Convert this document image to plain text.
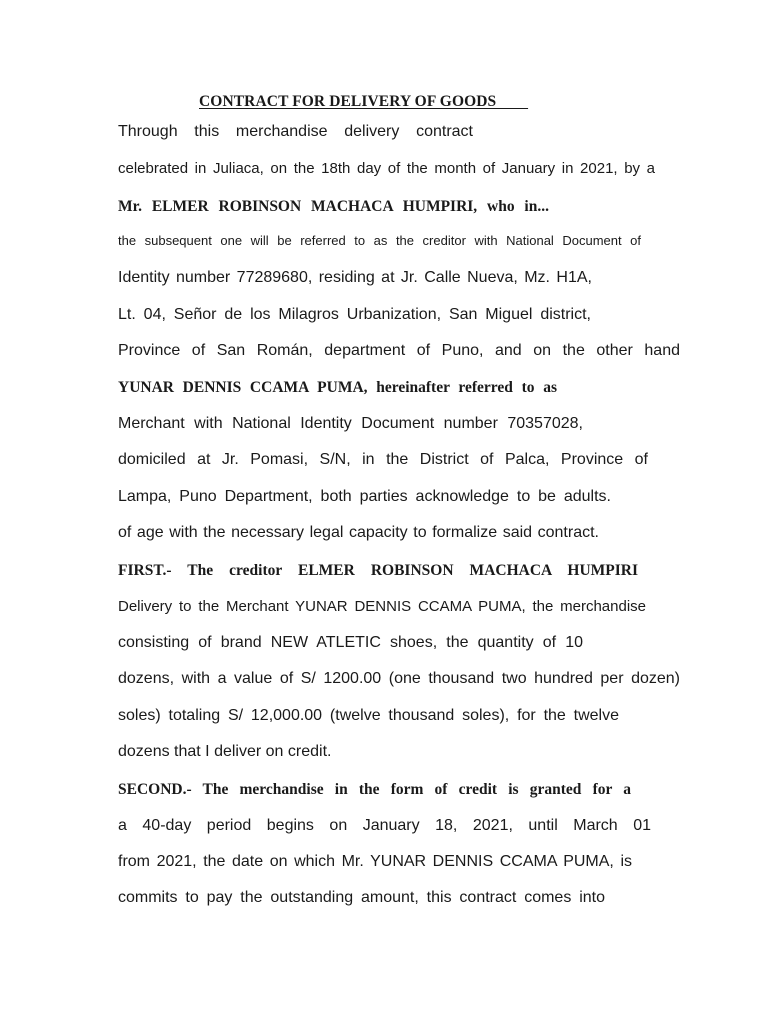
CONTRACT FOR DELIVERY OF GOODS
Through this merchandise delivery contract
celebrated in Juliaca, on the 18th day of the month of January in 2021, by a
Mr. ELMER ROBINSON MACHACA HUMPIRI, who in...
the subsequent one will be referred to as the creditor with National Document of
Identity number 77289680, residing at Jr. Calle Nueva, Mz. H1A,
Lt. 04, Señor de los Milagros Urbanization, San Miguel district,
Province of San Román, department of Puno, and on the other hand
YUNAR DENNIS CCAMA PUMA, hereinafter referred to as
Merchant with National Identity Document number 70357028,
domiciled at Jr. Pomasi, S/N, in the District of Palca, Province of
Lampa, Puno Department, both parties acknowledge to be adults.
of age with the necessary legal capacity to formalize said contract.
FIRST.- The creditor ELMER ROBINSON MACHACA HUMPIRI
Delivery to the Merchant YUNAR DENNIS CCAMA PUMA, the merchandise
consisting of brand NEW ATLETIC shoes, the quantity of 10
dozens, with a value of S/ 1200.00 (one thousand two hundred per dozen)
soles) totaling S/ 12,000.00 (twelve thousand soles), for the twelve
dozens that I deliver on credit.
SECOND.- The merchandise in the form of credit is granted for a
a 40-day period begins on January 18, 2021, until March 01
from 2021, the date on which Mr. YUNAR DENNIS CCAMA PUMA, is
commits to pay the outstanding amount, this contract comes into
